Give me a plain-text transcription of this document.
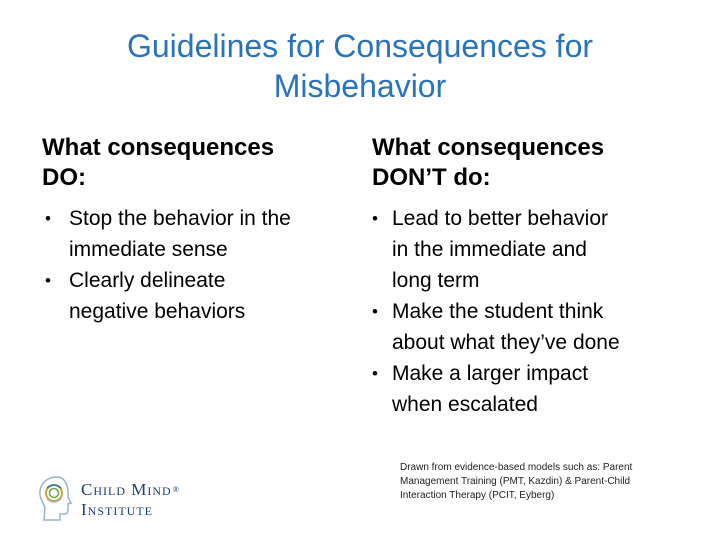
Guidelines for Consequences for
Misbehavior
What consequences
DO:
What consequences
DON’T do:
• Stop the behavior in the
immediate sense
• Clearly delineate
negative behaviors
• Lead to better behavior
in the immediate and
long term
• Make the student think
about what they’ve done
• Make a larger impact
when escalated
Child Mind®
Institute
Drawn from evidence-based models such as: Parent
Management Training (PMT, Kazdin) & Parent-Child
Interaction Therapy (PCIT, Eyberg)
